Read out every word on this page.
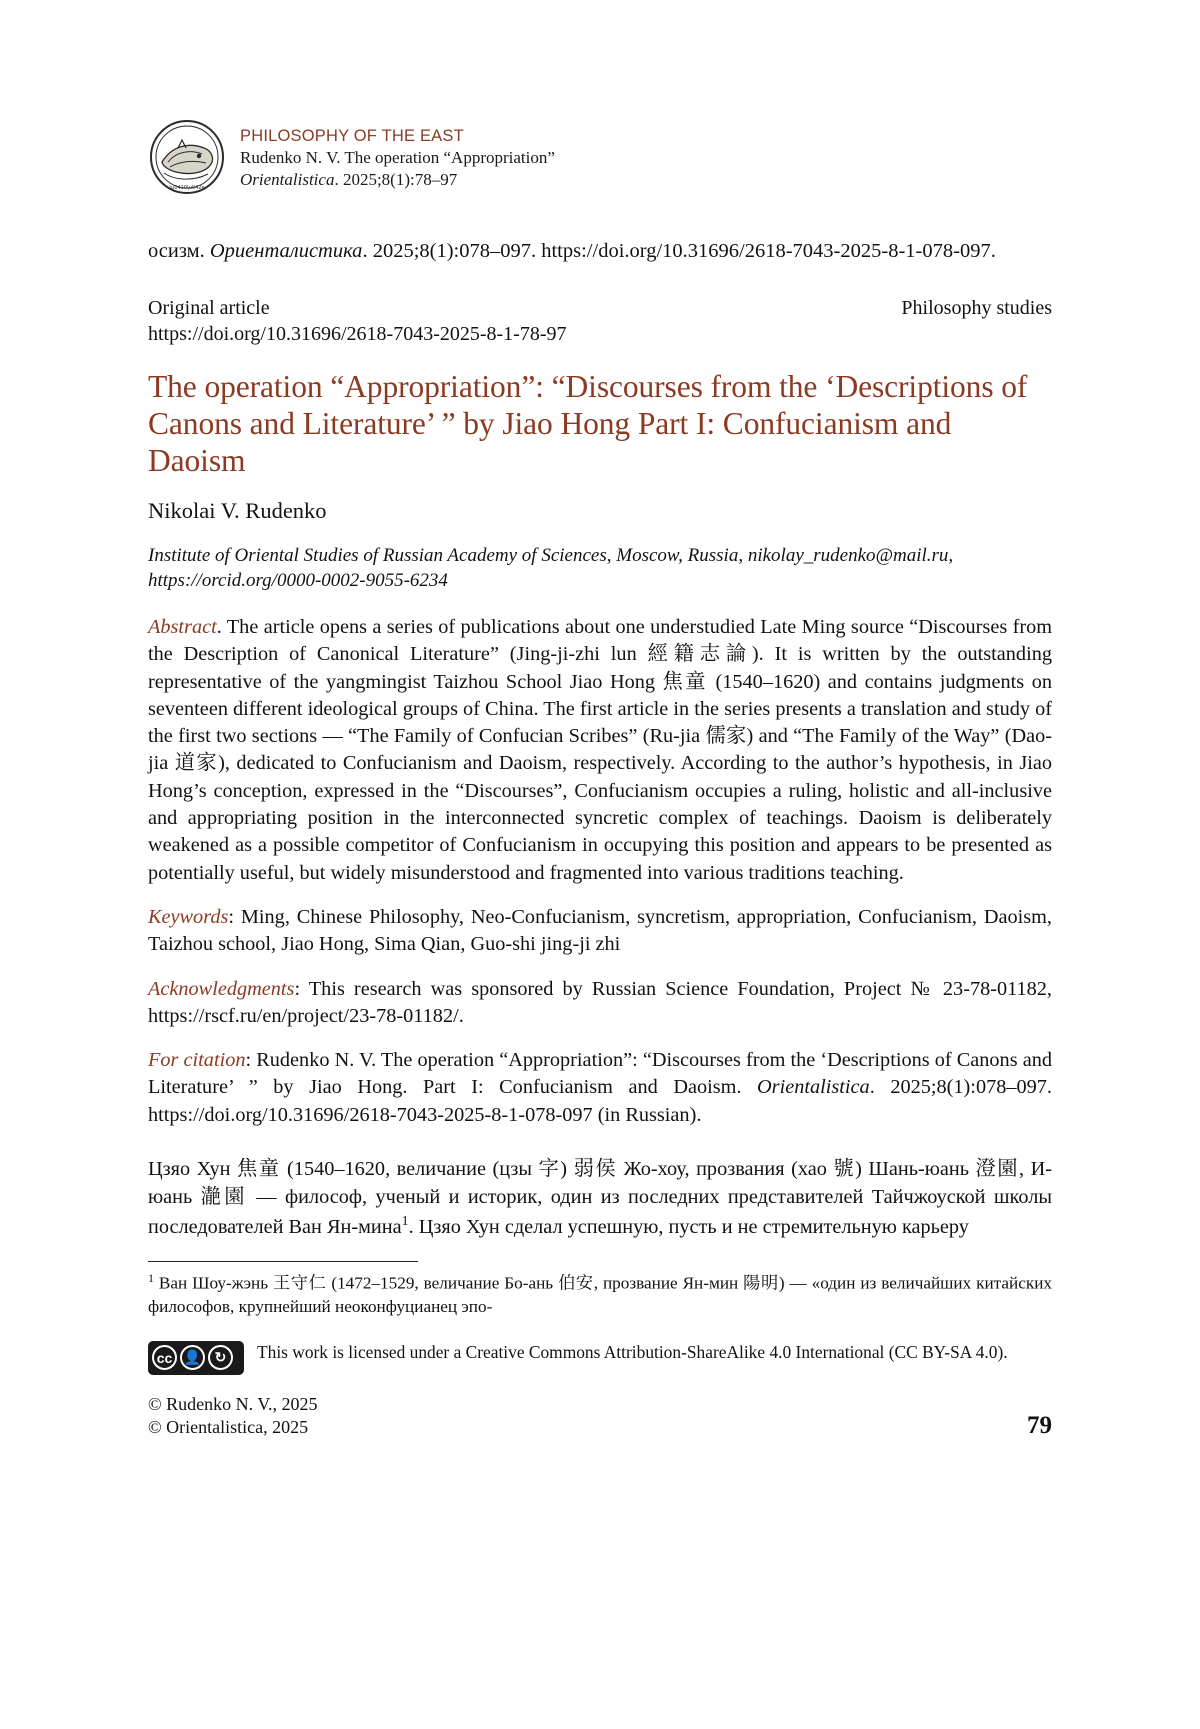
\u0410\u042e
PHILOSOPHY OF THE EAST
Rudenko N. V. The operation “Appropriation”
Orientalistica. 2025;8(1):78–97
осизм. Ориенталистика. 2025;8(1):078–097. https://doi.org/10.31696/2618-7043-2025-8-1-078-097.
Original article	Philosophy studies
https://doi.org/10.31696/2618-7043-2025-8-1-78-97
The operation “Appropriation”: “Discourses from the ‘Descriptions of Canons and Literature’ ” by Jiao Hong Part I: Confucianism and Daoism
Nikolai V. Rudenko
Institute of Oriental Studies of Russian Academy of Sciences, Moscow, Russia, nikolay_rudenko@mail.ru, https://orcid.org/0000-0002-9055-6234

Abstract. The article opens a series of publications about one understudied Late Ming source “Discourses from the Description of Canonical Literature” (Jing-ji-zhi lun 經籍志論). It is written by the outstanding representative of the yangmingist Taizhou School Jiao Hong 焦童 (1540–1620) and contains judgments on seventeen different ideological groups of China. The first article in the series presents a translation and study of the first two sections — “The Family of Confucian Scribes” (Ru-jia 儒家) and “The Family of the Way” (Dao-jia 道家), dedicated to Confucianism and Daoism, respectively. According to the author’s hypothesis, in Jiao Hong’s conception, expressed in the “Discourses”, Confucianism occupies a ruling, holistic and all-inclusive and appropriating position in the interconnected syncretic complex of teachings. Daoism is deliberately weakened as a possible competitor of Confucianism in occupying this position and appears to be presented as potentially useful, but widely misunderstood and fragmented into various traditions teaching.

Keywords: Ming, Chinese Philosophy, Neo-Confucianism, syncretism, appropriation, Confucianism, Daoism, Taizhou school, Jiao Hong, Sima Qian, Guo-shi jing-ji zhi

Acknowledgments: This research was sponsored by Russian Science Foundation, Project № 23-78-01182, https://rscf.ru/en/project/23-78-01182/.

For citation: Rudenko N. V. The operation “Appropriation”: “Discourses from the ‘Descriptions of Canons and Literature’ ” by Jiao Hong. Part I: Confucianism and Daoism. Orientalistica. 2025;8(1):078–097. https://doi.org/10.31696/2618-7043-2025-8-1-078-097 (in Russian).

Цзяо Хун 焦童 (1540–1620, величание (цзы 字) 弱侯 Жо-хоу, прозвания (хао 號) Шань-юань 澄園, И-юань 濪園 — философ, ученый и историк, один из последних представителей Тайчжоуской школы последователей Ван Ян-мина$^1$. Цзяо Хун сделал успешную, пусть и не стремительную карьеру

$^1$ Ван Шоу-жэнь 王守仁 (1472–1529, величание Бо-ань 伯安, прозвание Ян-мин 陽明) — «один из величайших китайских философов, крупнейший неоконфуцианец эпо-
cc 👤 ↻
BY SA
This work is licensed under a Creative Commons Attribution-ShareAlike 4.0 International (CC BY-SA 4.0).
© Rudenko N. V., 2025
© Orientalistica, 2025	79
